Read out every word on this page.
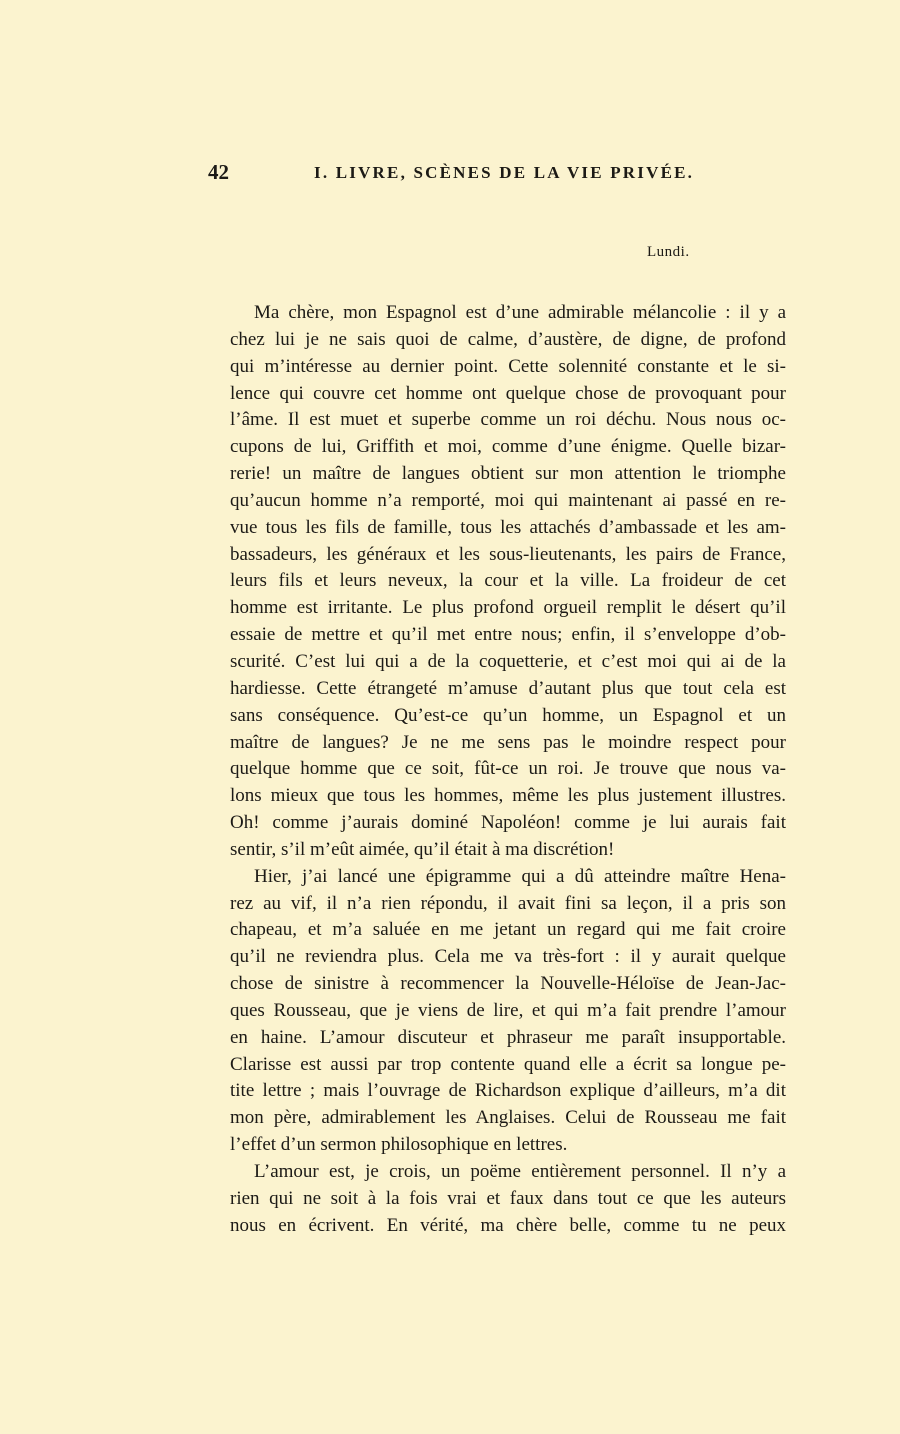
42	I. LIVRE, SCÈNES DE LA VIE PRIVÉE.
Lundi.
Ma chère, mon Espagnol est d’une admirable mélancolie : il y a
chez lui je ne sais quoi de calme, d’austère, de digne, de profond
qui m’intéresse au dernier point. Cette solennité constante et le si-
lence qui couvre cet homme ont quelque chose de provoquant pour
l’âme. Il est muet et superbe comme un roi déchu. Nous nous oc-
cupons de lui, Griffith et moi, comme d’une énigme. Quelle bizar-
rerie! un maître de langues obtient sur mon attention le triomphe
qu’aucun homme n’a remporté, moi qui maintenant ai passé en re-
vue tous les fils de famille, tous les attachés d’ambassade et les am-
bassadeurs, les généraux et les sous-lieutenants, les pairs de France,
leurs fils et leurs neveux, la cour et la ville. La froideur de cet
homme est irritante. Le plus profond orgueil remplit le désert qu’il
essaie de mettre et qu’il met entre nous; enfin, il s’enveloppe d’ob-
scurité. C’est lui qui a de la coquetterie, et c’est moi qui ai de la
hardiesse. Cette étrangeté m’amuse d’autant plus que tout cela est
sans conséquence. Qu’est-ce qu’un homme, un Espagnol et un
maître de langues? Je ne me sens pas le moindre respect pour
quelque homme que ce soit, fût-ce un roi. Je trouve que nous va-
lons mieux que tous les hommes, même les plus justement illustres.
Oh! comme j’aurais dominé Napoléon! comme je lui aurais fait
sentir, s’il m’eût aimée, qu’il était à ma discrétion!
Hier, j’ai lancé une épigramme qui a dû atteindre maître Hena-
rez au vif, il n’a rien répondu, il avait fini sa leçon, il a pris son
chapeau, et m’a saluée en me jetant un regard qui me fait croire
qu’il ne reviendra plus. Cela me va très-fort : il y aurait quelque
chose de sinistre à recommencer la Nouvelle-Héloïse de Jean-Jac-
ques Rousseau, que je viens de lire, et qui m’a fait prendre l’amour
en haine. L’amour discuteur et phraseur me paraît insupportable.
Clarisse est aussi par trop contente quand elle a écrit sa longue pe-
tite lettre ; mais l’ouvrage de Richardson explique d’ailleurs, m’a dit
mon père, admirablement les Anglaises. Celui de Rousseau me fait
l’effet d’un sermon philosophique en lettres.
L’amour est, je crois, un poëme entièrement personnel. Il n’y a
rien qui ne soit à la fois vrai et faux dans tout ce que les auteurs
nous en écrivent. En vérité, ma chère belle, comme tu ne peux
